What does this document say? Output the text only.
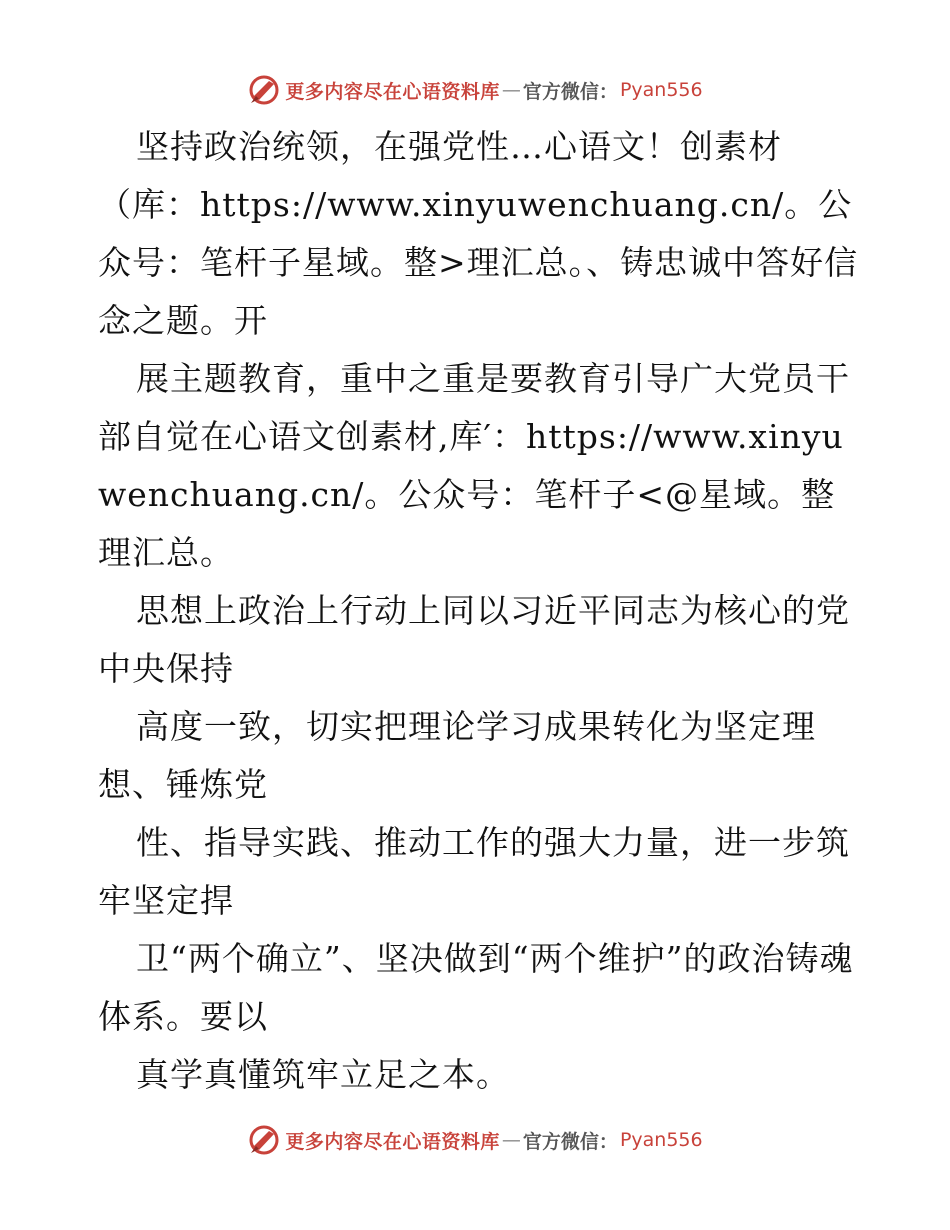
更多内容尽在心语资料库 — 官方微信： Pyan556

坚持政治统领，在强党性…心语文！创素材（库：https://www.xinyuwenchuang.cn/。公众号：笔杆子星域。整>理汇总。、铸忠诚中答好信念之题。开

展主题教育，重中之重是要教育引导广大党员干部自觉在心语文创素材,库′：https://www.xinyuwenchuang.cn/。公众号：笔杆子<@星域。整理汇总。

思想上政治上行动上同以习近平同志为核心的党中央保持

高度一致，切实把理论学习成果转化为坚定理想、锤炼党

性、指导实践、推动工作的强大力量，进一步筑牢坚定捍

卫“两个确立”、坚决做到“两个维护”的政治铸魂体系。要以

真学真懂筑牢立足之本。

更多内容尽在心语资料库 — 官方微信： Pyan556
